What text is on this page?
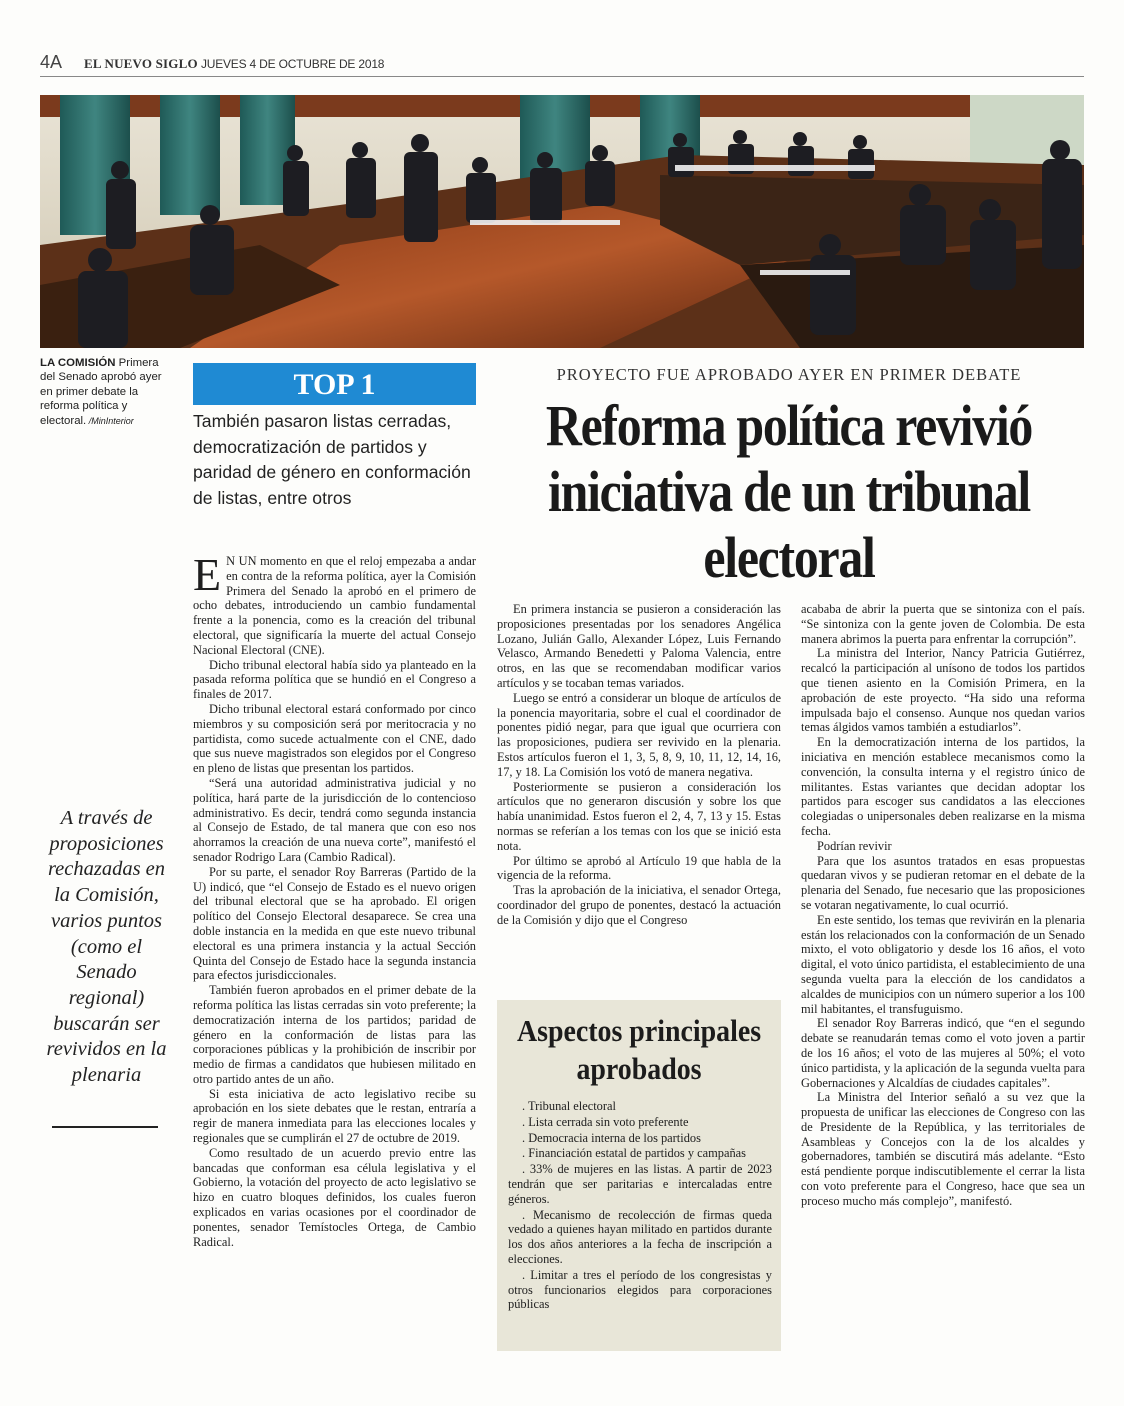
4A EL NUEVO SIGLO JUEVES 4 DE OCTUBRE DE 2018
LA COMISIÓN Primera del Senado aprobó ayer en primer debate la reforma política y electoral. /MinInterior
TOP 1
También pasaron listas cerradas, democratización de partidos y paridad de género en conformación de listas, entre otros
PROYECTO FUE APROBADO AYER EN PRIMER DEBATE
Reforma política revivió iniciativa de un tribunal electoral
A través de proposiciones rechazadas en la Comisión, varios puntos (como el Senado regional) buscarán ser revividos en la plenaria

E N UN momento en que el reloj empezaba a andar en contra de la reforma política, ayer la Comisión Primera del Senado la aprobó en el primero de ocho debates, introduciendo un cambio fundamental frente a la ponencia, como es la creación del tribunal electoral, que significaría la muerte del actual Consejo Nacional Electoral (CNE).

Dicho tribunal electoral había sido ya planteado en la pasada reforma política que se hundió en el Congreso a finales de 2017.

Dicho tribunal electoral estará conformado por cinco miembros y su composición será por meritocracia y no partidista, como sucede actualmente con el CNE, dado que sus nueve magistrados son elegidos por el Congreso en pleno de listas que presentan los partidos.

“Será una autoridad administrativa judicial y no política, hará parte de la jurisdicción de lo contencioso administrativo. Es decir, tendrá como segunda instancia al Consejo de Estado, de tal manera que con eso nos ahorramos la creación de una nueva corte”, manifestó el senador Rodrigo Lara (Cambio Radical).

Por su parte, el senador Roy Barreras (Partido de la U) indicó, que “el Consejo de Estado es el nuevo origen del tribunal electoral que se ha aprobado. El origen político del Consejo Electoral desaparece. Se crea una doble instancia en la medida en que este nuevo tribunal electoral es una primera instancia y la actual Sección Quinta del Consejo de Estado hace la segunda instancia para efectos jurisdiccionales.

También fueron aprobados en el primer debate de la reforma política las listas cerradas sin voto preferente; la democratización interna de los partidos; paridad de género en la conformación de listas para las corporaciones públicas y la prohibición de inscribir por medio de firmas a candidatos que hubiesen militado en otro partido antes de un año.

Si esta iniciativa de acto legislativo recibe su aprobación en los siete debates que le restan, entraría a regir de manera inmediata para las elecciones locales y regionales que se cumplirán el 27 de octubre de 2019.

Como resultado de un acuerdo previo entre las bancadas que conforman esa célula legislativa y el Gobierno, la votación del proyecto de acto legislativo se hizo en cuatro bloques definidos, los cuales fueron explicados en varias ocasiones por el coordinador de ponentes, senador Temístocles Ortega, de Cambio Radical.

En primera instancia se pusieron a consideración las proposiciones presentadas por los senadores Angélica Lozano, Julián Gallo, Alexander López, Luis Fernando Velasco, Armando Benedetti y Paloma Valencia, entre otros, en las que se recomendaban modificar varios artículos y se tocaban temas variados.

Luego se entró a considerar un bloque de artículos de la ponencia mayoritaria, sobre el cual el coordinador de ponentes pidió negar, para que igual que ocurriera con las proposiciones, pudiera ser revivido en la plenaria. Estos artículos fueron el 1, 3, 5, 8, 9, 10, 11, 12, 14, 16, 17, y 18. La Comisión los votó de manera negativa.

Posteriormente se pusieron a consideración los artículos que no generaron discusión y sobre los que había unanimidad. Estos fueron el 2, 4, 7, 13 y 15. Estas normas se referían a los temas con los que se inició esta nota.

Por último se aprobó al Artículo 19 que habla de la vigencia de la reforma.

Tras la aprobación de la iniciativa, el senador Ortega, coordinador del grupo de ponentes, destacó la actuación de la Comisión y dijo que el Congreso

Aspectos principales aprobados

. Tribunal electoral

. Lista cerrada sin voto preferente

. Democracia interna de los partidos

. Financiación estatal de partidos y campañas

. 33% de mujeres en las listas. A partir de 2023 tendrán que ser paritarias e intercaladas entre géneros.

. Mecanismo de recolección de firmas queda vedado a quienes hayan militado en partidos durante los dos años anteriores a la fecha de inscripción a elecciones.

. Limitar a tres el período de los congresistas y otros funcionarios elegidos para corporaciones públicas

acababa de abrir la puerta que se sintoniza con el país. “Se sintoniza con la gente joven de Colombia. De esta manera abrimos la puerta para enfrentar la corrupción”.

La ministra del Interior, Nancy Patricia Gutiérrez, recalcó la participación al unísono de todos los partidos que tienen asiento en la Comisión Primera, en la aprobación de este proyecto. “Ha sido una reforma impulsada bajo el consenso. Aunque nos quedan varios temas álgidos vamos también a estudiarlos”.

En la democratización interna de los partidos, la iniciativa en mención establece mecanismos como la convención, la consulta interna y el registro único de militantes. Estas variantes que decidan adoptar los partidos para escoger sus candidatos a las elecciones colegiadas o unipersonales deben realizarse en la misma fecha.

Podrían revivir

Para que los asuntos tratados en esas propuestas quedaran vivos y se pudieran retomar en el debate de la plenaria del Senado, fue necesario que las proposiciones se votaran negativamente, lo cual ocurrió.

En este sentido, los temas que revivirán en la plenaria están los relacionados con la conformación de un Senado mixto, el voto obligatorio y desde los 16 años, el voto digital, el voto único partidista, el establecimiento de una segunda vuelta para la elección de los candidatos a alcaldes de municipios con un número superior a los 100 mil habitantes, el transfuguismo.

El senador Roy Barreras indicó, que “en el segundo debate se reanudarán temas como el voto joven a partir de los 16 años; el voto de las mujeres al 50%; el voto único partidista, y la aplicación de la segunda vuelta para Gobernaciones y Alcaldías de ciudades capitales”.

La Ministra del Interior señaló a su vez que la propuesta de unificar las elecciones de Congreso con las de Presidente de la República, y las territoriales de Asambleas y Concejos con la de los alcaldes y gobernadores, también se discutirá más adelante. “Esto está pendiente porque indiscutiblemente el cerrar la lista con voto preferente para el Congreso, hace que sea un proceso mucho más complejo”, manifestó.
